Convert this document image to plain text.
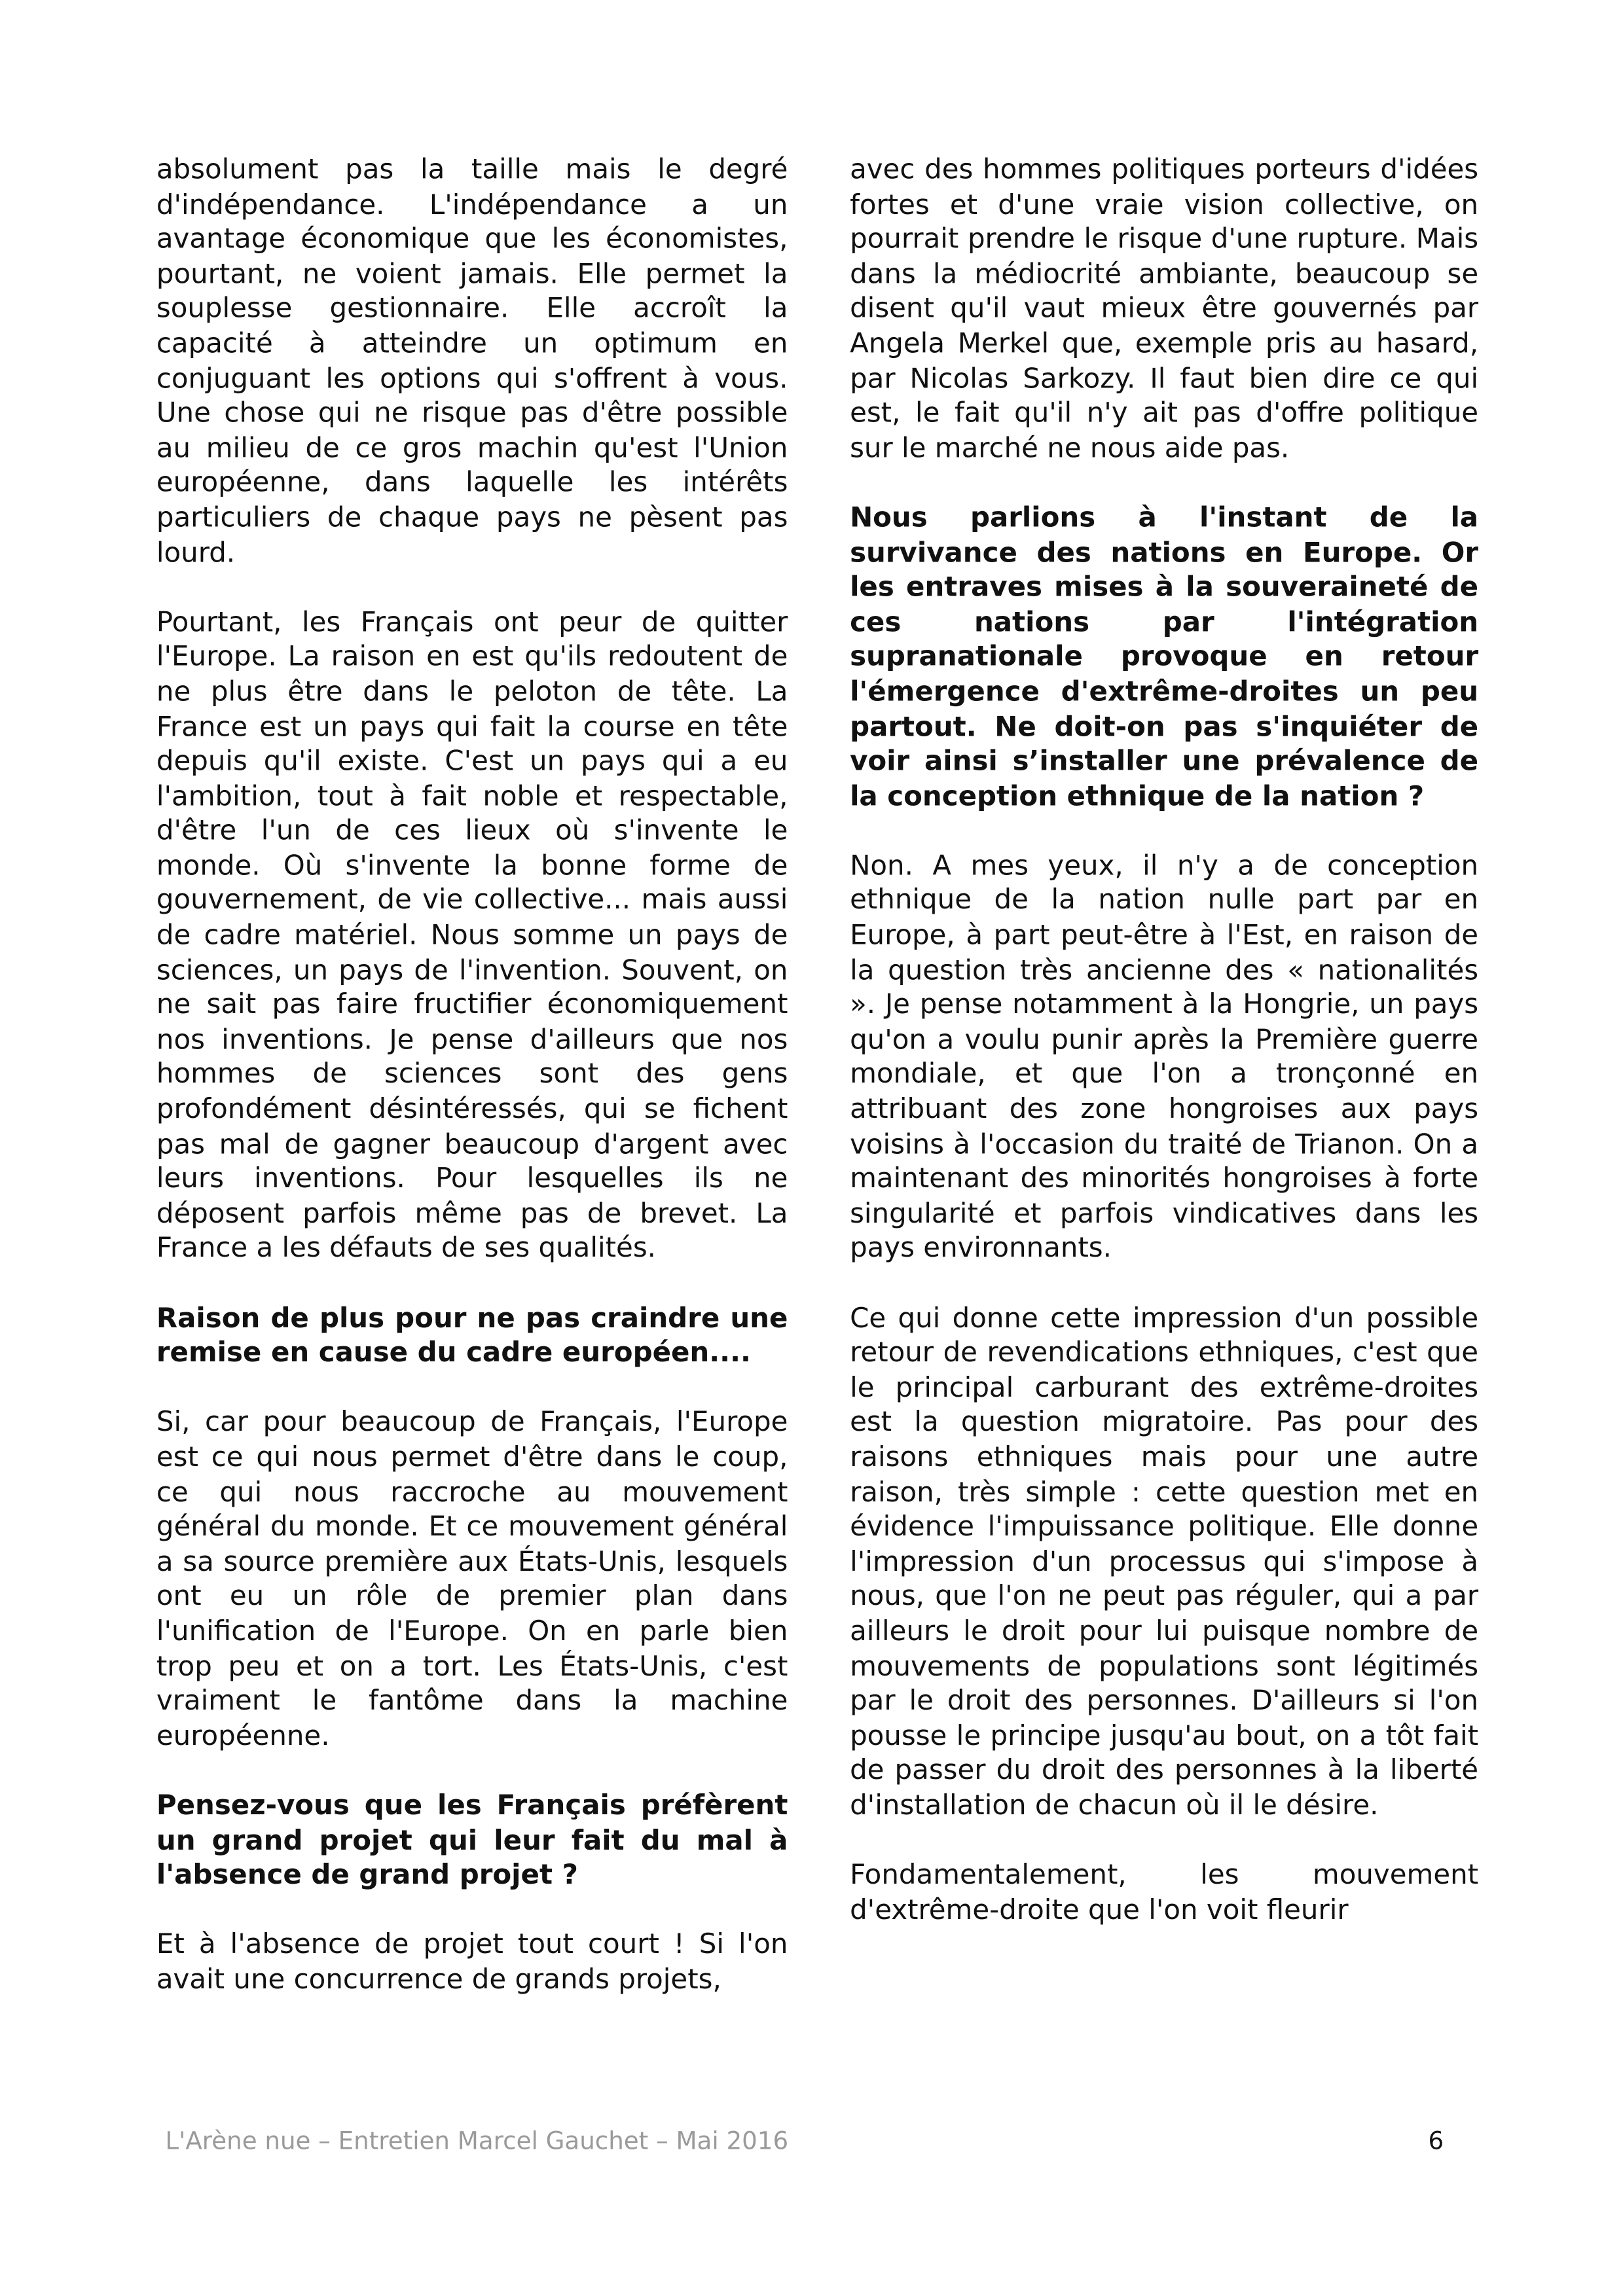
absolument pas la taille mais le degré d'indépendance. L'indépendance a un avantage économique que les économistes, pourtant, ne voient jamais. Elle permet la souplesse gestionnaire. Elle accroît la capacité à atteindre un optimum en conjuguant les options qui s'offrent à vous. Une chose qui ne risque pas d'être possible au milieu de ce gros machin qu'est l'Union européenne, dans laquelle les intérêts particuliers de chaque pays ne pèsent pas lourd.

Pourtant, les Français ont peur de quitter l'Europe. La raison en est qu'ils redoutent de ne plus être dans le peloton de tête. La France est un pays qui fait la course en tête depuis qu'il existe. C'est un pays qui a eu l'ambition, tout à fait noble et respectable, d'être l'un de ces lieux où s'invente le monde. Où s'invente la bonne forme de gouvernement, de vie collective... mais aussi de cadre matériel. Nous somme un pays de sciences, un pays de l'invention. Souvent, on ne sait pas faire fructifier économiquement nos inventions. Je pense d'ailleurs que nos hommes de sciences sont des gens profondément désintéressés, qui se fichent pas mal de gagner beaucoup d'argent avec leurs inventions. Pour lesquelles ils ne déposent parfois même pas de brevet. La France a les défauts de ses qualités.

Raison de plus pour ne pas craindre une remise en cause du cadre européen....

Si, car pour beaucoup de Français, l'Europe est ce qui nous permet d'être dans le coup, ce qui nous raccroche au mouvement général du monde. Et ce mouvement général a sa source première aux États-Unis, lesquels ont eu un rôle de premier plan dans l'unification de l'Europe. On en parle bien trop peu et on a tort. Les États-Unis, c'est vraiment le fantôme dans la machine européenne.

Pensez-vous que les Français préfèrent un grand projet qui leur fait du mal à l'absence de grand projet ?

Et à l'absence de projet tout court ! Si l'on avait une concurrence de grands projets,

avec des hommes politiques porteurs d'idées fortes et d'une vraie vision collective, on pourrait prendre le risque d'une rupture. Mais dans la médiocrité ambiante, beaucoup se disent qu'il vaut mieux être gouvernés par Angela Merkel que, exemple pris au hasard, par Nicolas Sarkozy. Il faut bien dire ce qui est, le fait qu'il n'y ait pas d'offre politique sur le marché ne nous aide pas.

Nous parlions à l'instant de la survivance des nations en Europe. Or les entraves mises à la souveraineté de ces nations par l'intégration supranationale provoque en retour l'émergence d'extrême-droites un peu partout. Ne doit-on pas s'inquiéter de voir ainsi s’installer une prévalence de la conception ethnique de la nation ?

Non. A mes yeux, il n'y a de conception ethnique de la nation nulle part par en Europe, à part peut-être à l'Est, en raison de la question très ancienne des « nationalités ». Je pense notamment à la Hongrie, un pays qu'on a voulu punir après la Première guerre mondiale, et que l'on a tronçonné en attribuant des zone hongroises aux pays voisins à l'occasion du traité de Trianon. On a maintenant des minorités hongroises à forte singularité et parfois vindicatives dans les pays environnants.

Ce qui donne cette impression d'un possible retour de revendications ethniques, c'est que le principal carburant des extrême-droites est la question migratoire. Pas pour des raisons ethniques mais pour une autre raison, très simple : cette question met en évidence l'impuissance politique. Elle donne l'impression d'un processus qui s'impose à nous, que l'on ne peut pas réguler, qui a par ailleurs le droit pour lui puisque nombre de mouvements de populations sont légitimés par le droit des personnes. D'ailleurs si l'on pousse le principe jusqu'au bout, on a tôt fait de passer du droit des personnes à la liberté d'installation de chacun où il le désire.

Fondamentalement, les mouvement d'extrême-droite que l'on voit fleurir

L'Arène nue – Entretien Marcel Gauchet – Mai 2016	6
